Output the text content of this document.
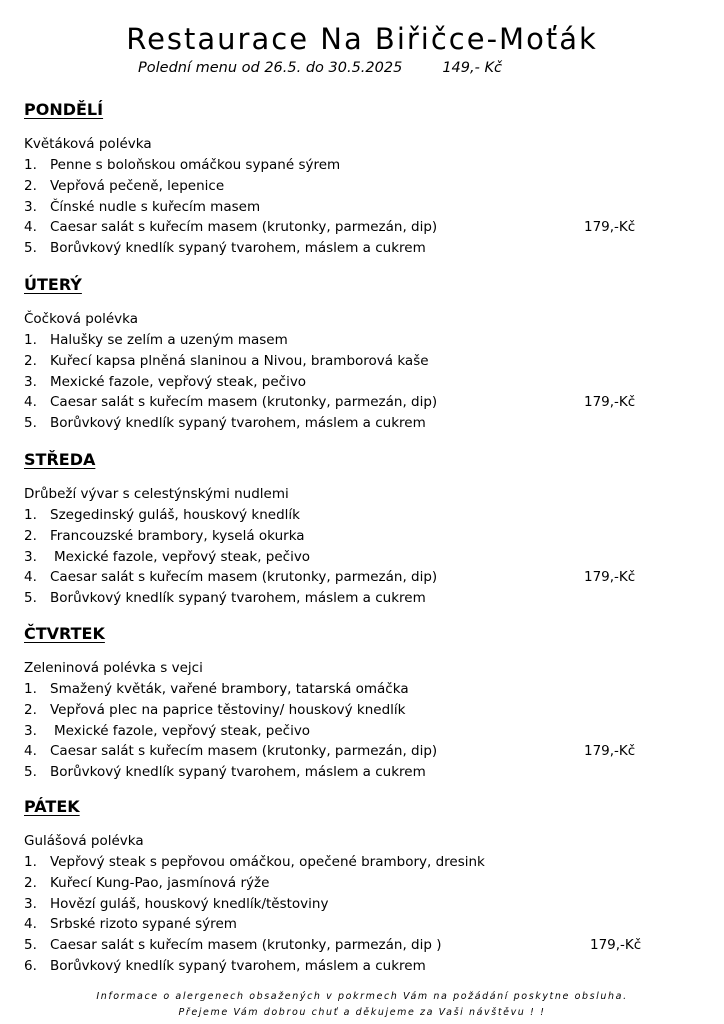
Restaurace Na Biřičce-Moťák
Polední menu od 26.5. do 30.5.2025	149,- Kč
PONDĚLÍ
Květáková polévka
1. Penne s boloňskou omáčkou sypané sýrem
2. Vepřová pečeně, lepenice
3. Čínské nudle s kuřecím masem
4. Caesar salát s kuřecím masem (krutonky, parmezán, dip)	179,-Kč
5. Borůvkový knedlík sypaný tvarohem, máslem a cukrem
ÚTERÝ
Čočková polévka
1. Halušky se zelím a uzeným masem
2. Kuřecí kapsa plněná slaninou a Nivou, bramborová kaše
3. Mexické fazole, vepřový steak, pečivo
4. Caesar salát s kuřecím masem (krutonky, parmezán, dip)	179,-Kč
5. Borůvkový knedlík sypaný tvarohem, máslem a cukrem
STŘEDA
Drůbeží vývar s celestýnskými nudlemi
1. Szegedinský guláš, houskový knedlík
2. Francouzské brambory, kyselá okurka
3. Mexické fazole, vepřový steak, pečivo
4. Caesar salát s kuřecím masem (krutonky, parmezán, dip)	179,-Kč
5. Borůvkový knedlík sypaný tvarohem, máslem a cukrem
ČTVRTEK
Zeleninová polévka s vejci
1. Smažený květák, vařené brambory, tatarská omáčka
2. Vepřová plec na paprice těstoviny/ houskový knedlík
3. Mexické fazole, vepřový steak, pečivo
4. Caesar salát s kuřecím masem (krutonky, parmezán, dip)	179,-Kč
5. Borůvkový knedlík sypaný tvarohem, máslem a cukrem
PÁTEK
Gulášová polévka
1. Vepřový steak s pepřovou omáčkou, opečené brambory, dresink
2. Kuřecí Kung-Pao, jasmínová rýže
3. Hovězí guláš, houskový knedlík/těstoviny
4. Srbské rizoto sypané sýrem
5. Caesar salát s kuřecím masem (krutonky, parmezán, dip )	179,-Kč
6. Borůvkový knedlík sypaný tvarohem, máslem a cukrem
Informace o alergenech obsažených v pokrmech Vám na požádání poskytne obsluha.
Přejeme Vám dobrou chuť a děkujeme za Vaši návštěvu ! !
